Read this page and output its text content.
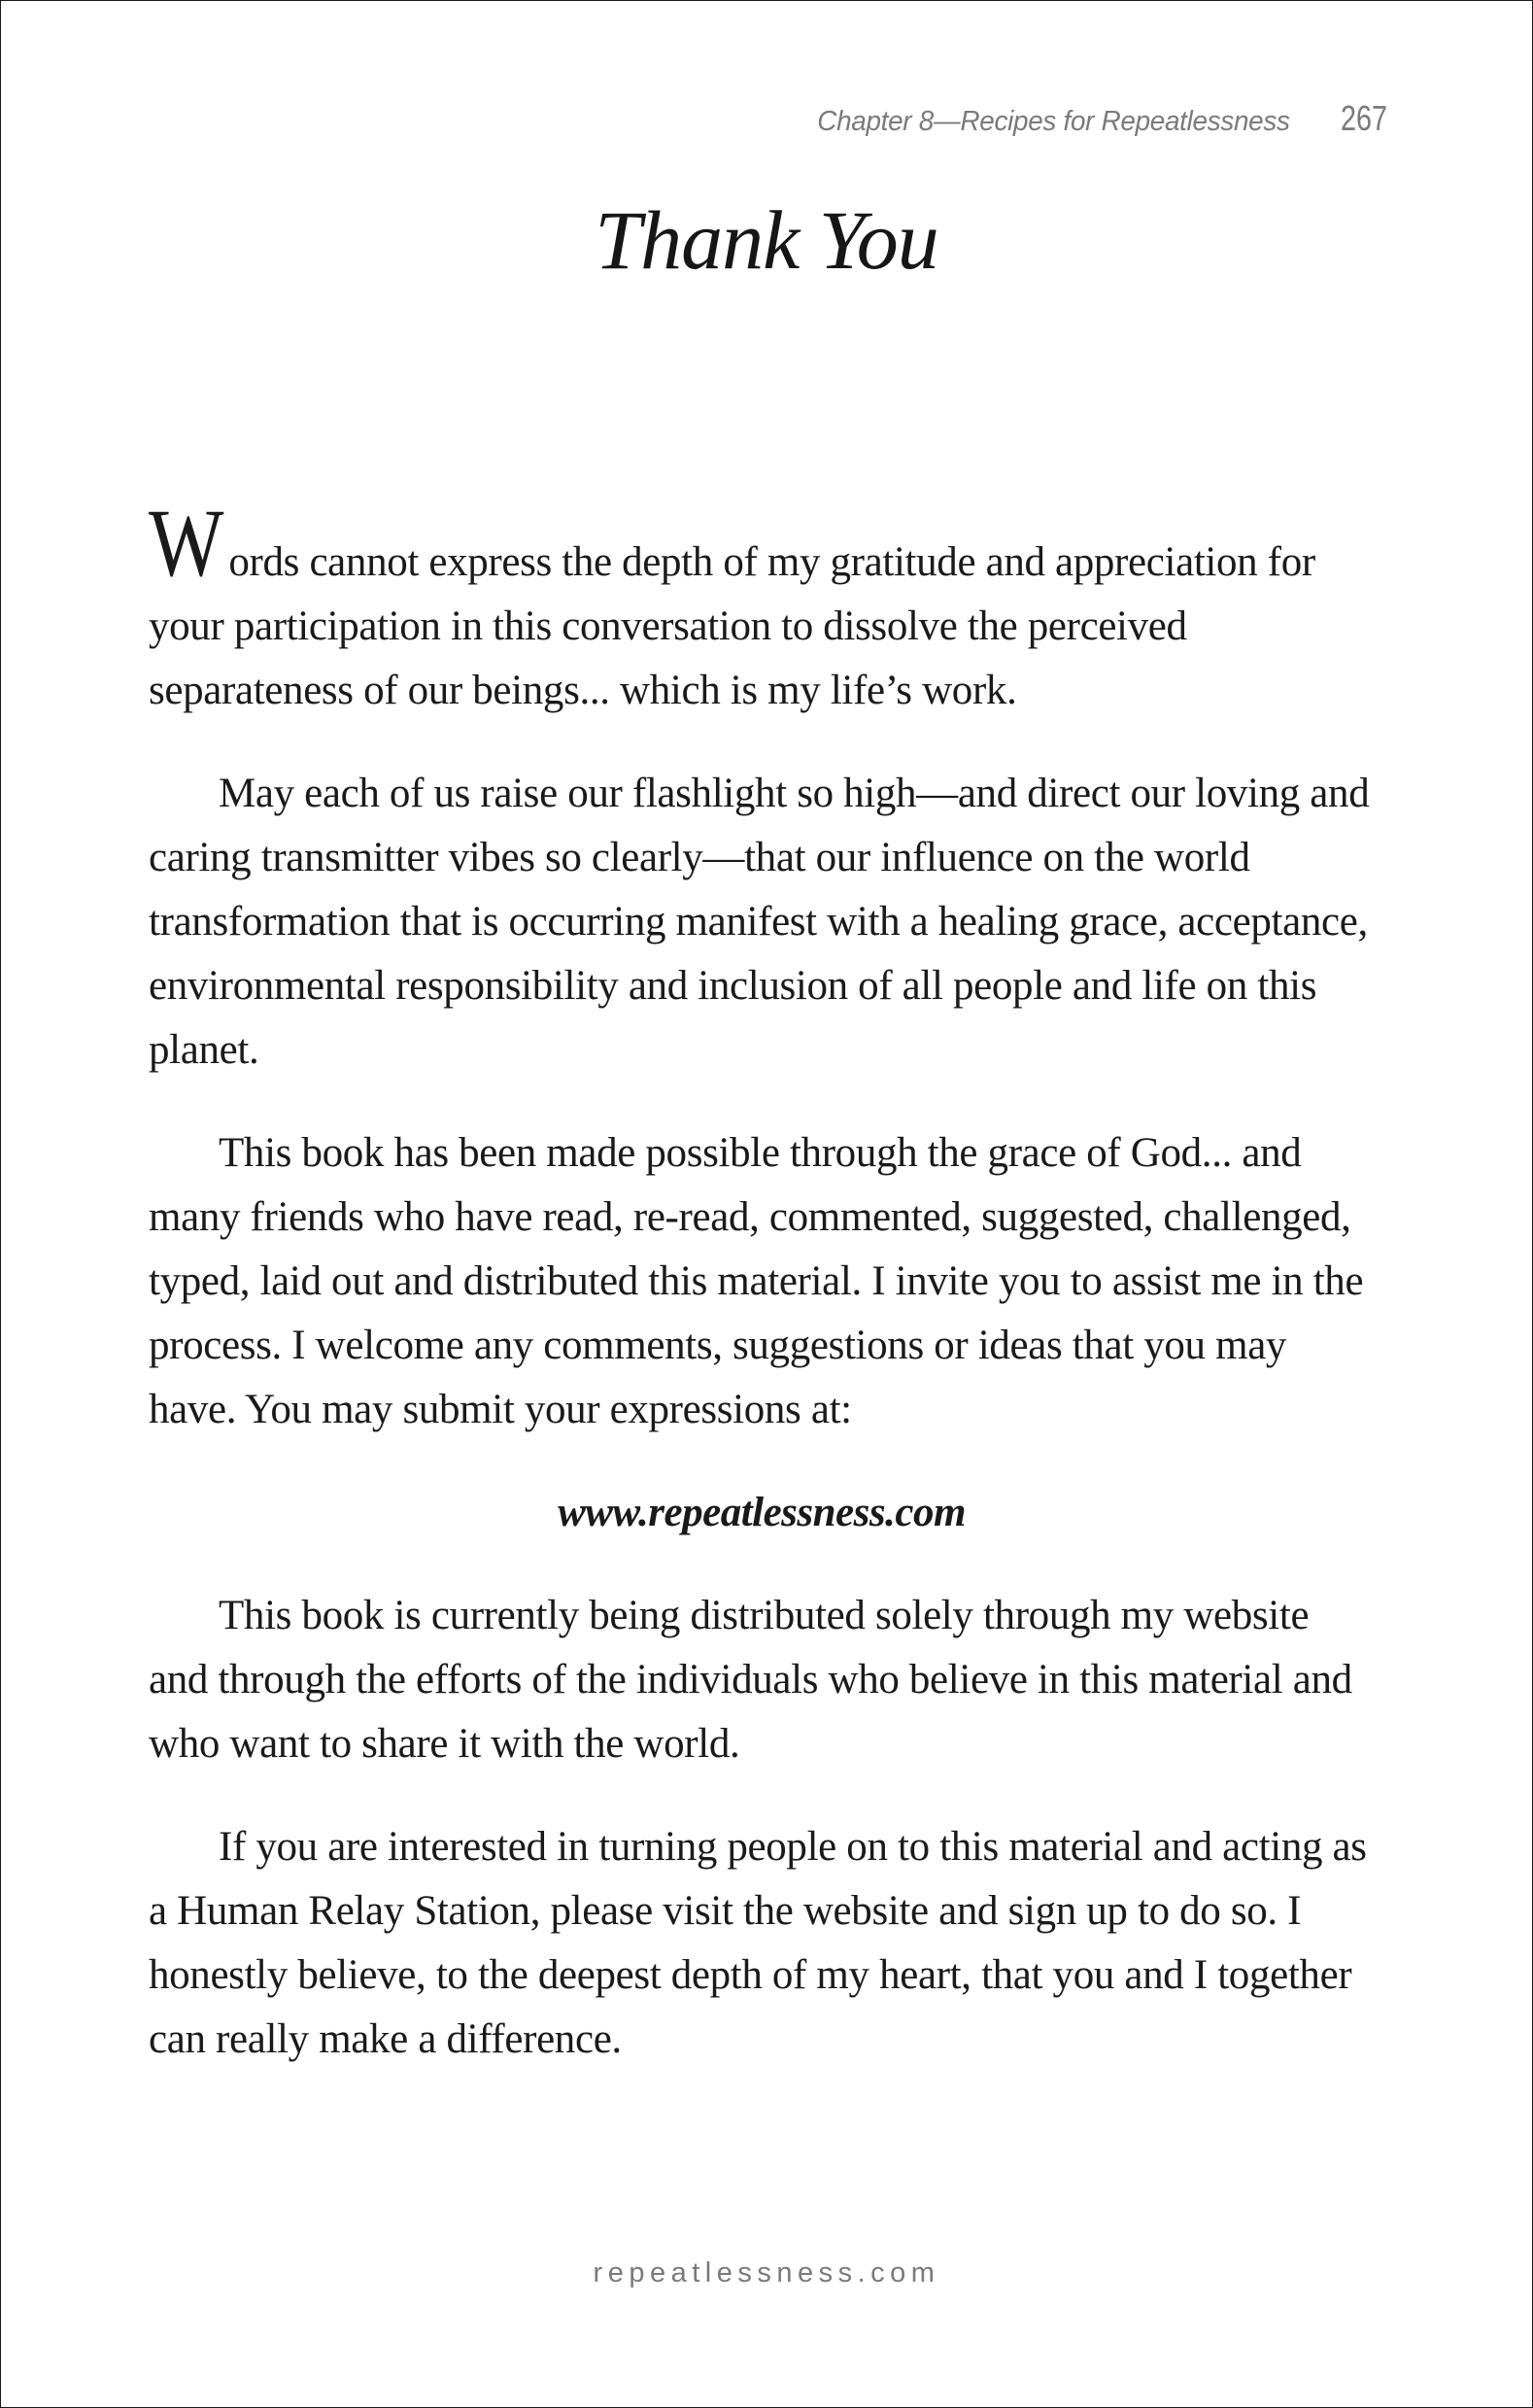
Chapter 8—Recipes for Repeatlessness 267
Thank You

Words cannot express the depth of my gratitude and appreciation for your participation in this conversation to dissolve the perceived separateness of our beings... which is my life’s work.

May each of us raise our flashlight so high—and direct our loving and caring transmitter vibes so clearly—that our influence on the world transformation that is occurring manifest with a healing grace, acceptance, environmental responsibility and inclusion of all people and life on this planet.

This book has been made possible through the grace of God... and many friends who have read, re-read, commented, suggested, challenged, typed, laid out and distributed this material. I invite you to assist me in the process. I welcome any comments, suggestions or ideas that you may have. You may submit your expressions at:

www.repeatlessness.com

This book is currently being distributed solely through my website and through the efforts of the individuals who believe in this material and who want to share it with the world.

If you are interested in turning people on to this material and acting as a Human Relay Station, please visit the website and sign up to do so. I honestly believe, to the deepest depth of my heart, that you and I together can really make a difference.

repeatlessness.com
